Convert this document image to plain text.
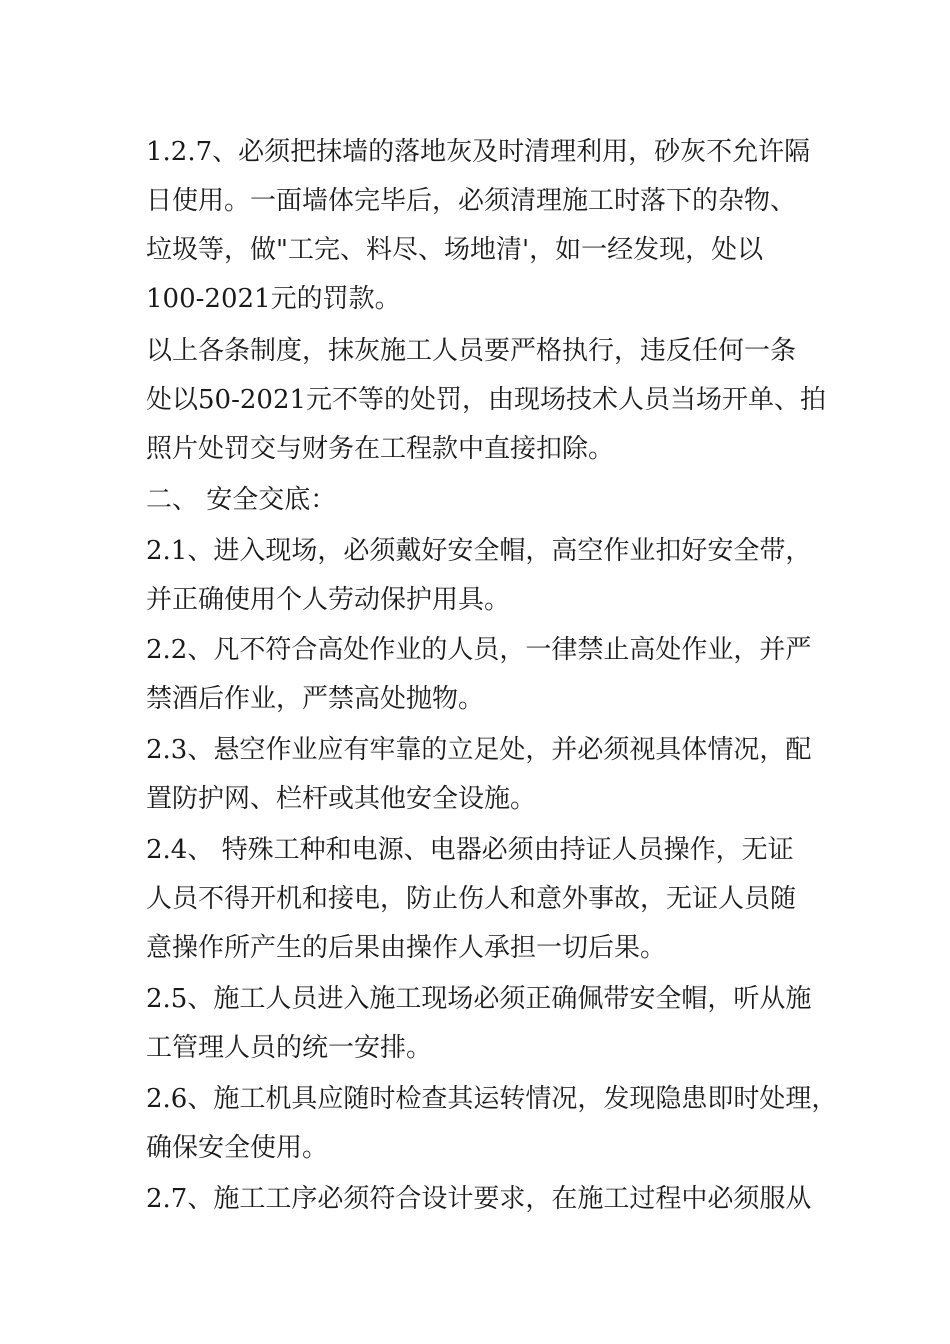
1.2.7、必须把抹墙的落地灰及时清理利用，砂灰不允许隔
日使用。一面墙体完毕后，必须清理施工时落下的杂物、
垃圾等，做"工完、料尽、场地清'，如一经发现，处以
100-2021元的罚款。
以上各条制度，抹灰施工人员要严格执行，违反任何一条
处以50-2021元不等的处罚，由现场技术人员当场开单、拍
照片处罚交与财务在工程款中直接扣除。
二、 安全交底：
2.1、进入现场，必须戴好安全帽，高空作业扣好安全带，
并正确使用个人劳动保护用具。
2.2、凡不符合高处作业的人员，一律禁止高处作业，并严
禁酒后作业，严禁高处抛物。
2.3、悬空作业应有牢靠的立足处，并必须视具体情况，配
置防护网、栏杆或其他安全设施。
2.4、 特殊工种和电源、电器必须由持证人员操作，无证
人员不得开机和接电，防止伤人和意外事故，无证人员随
意操作所产生的后果由操作人承担一切后果。
2.5、施工人员进入施工现场必须正确佩带安全帽，听从施
工管理人员的统一安排。
2.6、施工机具应随时检查其运转情况，发现隐患即时处理，
确保安全使用。
2.7、施工工序必须符合设计要求，在施工过程中必须服从
